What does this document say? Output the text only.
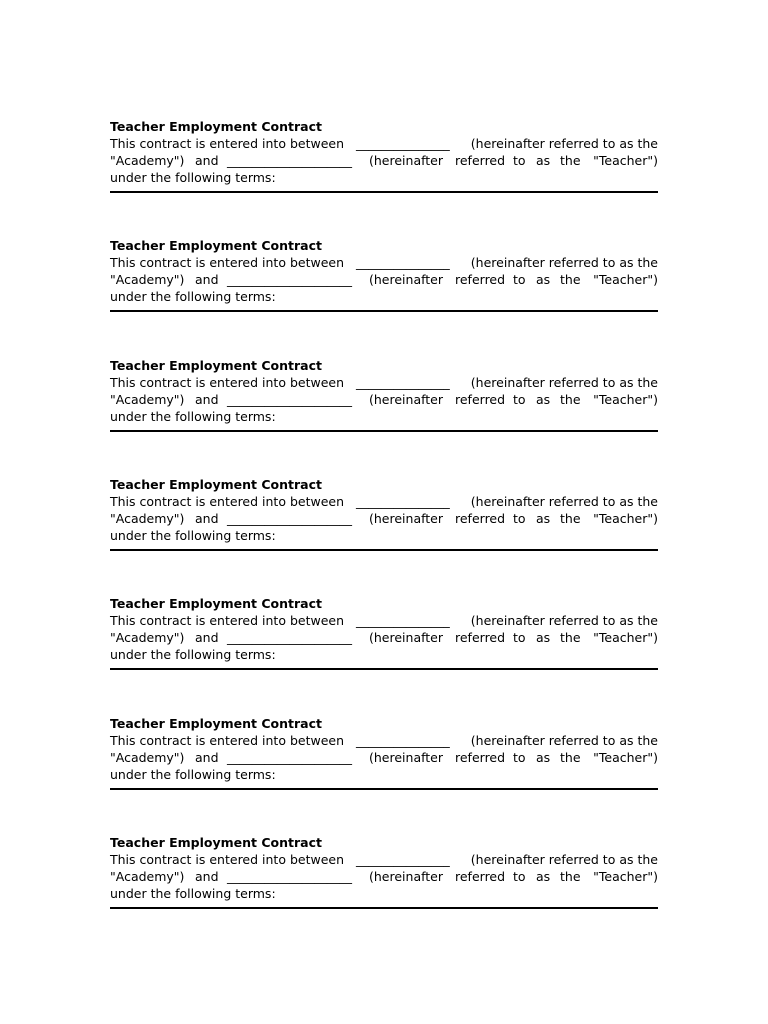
Teacher Employment Contract
This contract is entered into between _______________ (hereinafter referred to as the
"Academy") and ____________________ (hereinafter referred to as the "Teacher")
under the following terms:
Teacher Employment Contract
This contract is entered into between _______________ (hereinafter referred to as the
"Academy") and ____________________ (hereinafter referred to as the "Teacher")
under the following terms:
Teacher Employment Contract
This contract is entered into between _______________ (hereinafter referred to as the
"Academy") and ____________________ (hereinafter referred to as the "Teacher")
under the following terms:
Teacher Employment Contract
This contract is entered into between _______________ (hereinafter referred to as the
"Academy") and ____________________ (hereinafter referred to as the "Teacher")
under the following terms:
Teacher Employment Contract
This contract is entered into between _______________ (hereinafter referred to as the
"Academy") and ____________________ (hereinafter referred to as the "Teacher")
under the following terms:
Teacher Employment Contract
This contract is entered into between _______________ (hereinafter referred to as the
"Academy") and ____________________ (hereinafter referred to as the "Teacher")
under the following terms:
Teacher Employment Contract
This contract is entered into between _______________ (hereinafter referred to as the
"Academy") and ____________________ (hereinafter referred to as the "Teacher")
under the following terms:
